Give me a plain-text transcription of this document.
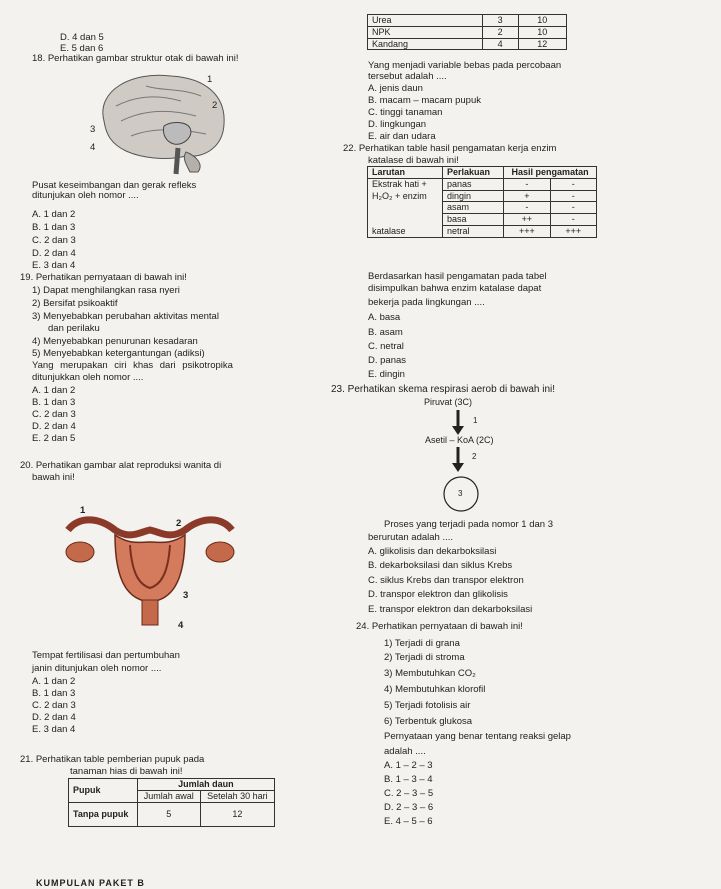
D. 4 dan 5
E. 5 dan 6
18. Perhatikan gambar struktur otak di bawah ini!
1
2
3
4
Pusat keseimbangan dan gerak refleks
ditunjukan oleh nomor ....
A. 1 dan 2
B. 1 dan 3
C. 2 dan 3
D. 2 dan 4
E. 3 dan 4
19. Perhatikan pernyataan di bawah ini!
1) Dapat menghilangkan rasa nyeri
2) Bersifat psikoaktif
3) Menyebabkan perubahan aktivitas mental
dan perilaku
4) Menyebabkan penurunan kesadaran
5) Menyebabkan ketergantungan (adiksi)
Yang merupakan ciri khas dari psikotropika
ditunjukkan oleh nomor ....
A. 1 dan 2
B. 1 dan 3
C. 2 dan 3
D. 2 dan 4
E. 2 dan 5
20. Perhatikan gambar alat reproduksi wanita di
bawah ini!
1
2
3
4
Tempat fertilisasi dan pertumbuhan
janin ditunjukan oleh nomor ....
A. 1 dan 2
B. 1 dan 3
C. 2 dan 3
D. 2 dan 4
E. 3 dan 4
21. Perhatikan table pemberian pupuk pada
tanaman hias di bawah ini!
Pupuk	Jumlah daun	
	Jumlah awal	Setelah 30 hari
Tanpa pupuk	5	12
KUMPULAN PAKET B
Urea	3	10
NPK	2	10
Kandang	4	12
Yang menjadi variable bebas pada percobaan
tersebut adalah ....
A. jenis daun
B. macam – macam pupuk
C. tinggi tanaman
D. lingkungan
E. air dan udara
22. Perhatikan table hasil pengamatan kerja enzim
katalase di bawah ini!
Larutan	Perlakuan	Hasil pengamatan	
Ekstrak hati +	panas	-	-
H₂O₂ + enzim	dingin	+	-
	asam	-	-
	basa	++	-
katalase	netral	+++	+++
Berdasarkan hasil pengamatan pada tabel
disimpulkan bahwa enzim katalase dapat
bekerja pada lingkungan ....
A. basa
B. asam
C. netral
D. panas
E. dingin
23. Perhatikan skema respirasi aerob di bawah ini!
Piruvat (3C)
1
Asetil – KoA (2C)
2
3
Proses yang terjadi pada nomor 1 dan 3
berurutan adalah ....
A. glikolisis dan dekarboksilasi
B. dekarboksilasi dan siklus Krebs
C. siklus Krebs dan transpor elektron
D. transpor elektron dan glikolisis
E. transpor elektron dan dekarboksilasi
24. Perhatikan pernyataan di bawah ini!
1) Terjadi di grana
2) Terjadi di stroma
3) Membutuhkan CO₂
4) Membutuhkan klorofil
5) Terjadi fotolisis air
6) Terbentuk glukosa
Pernyataan yang benar tentang reaksi gelap
adalah ....
A. 1 – 2 – 3
B. 1 – 3 – 4
C. 2 – 3 – 5
D. 2 – 3 – 6
E. 4 – 5 – 6
